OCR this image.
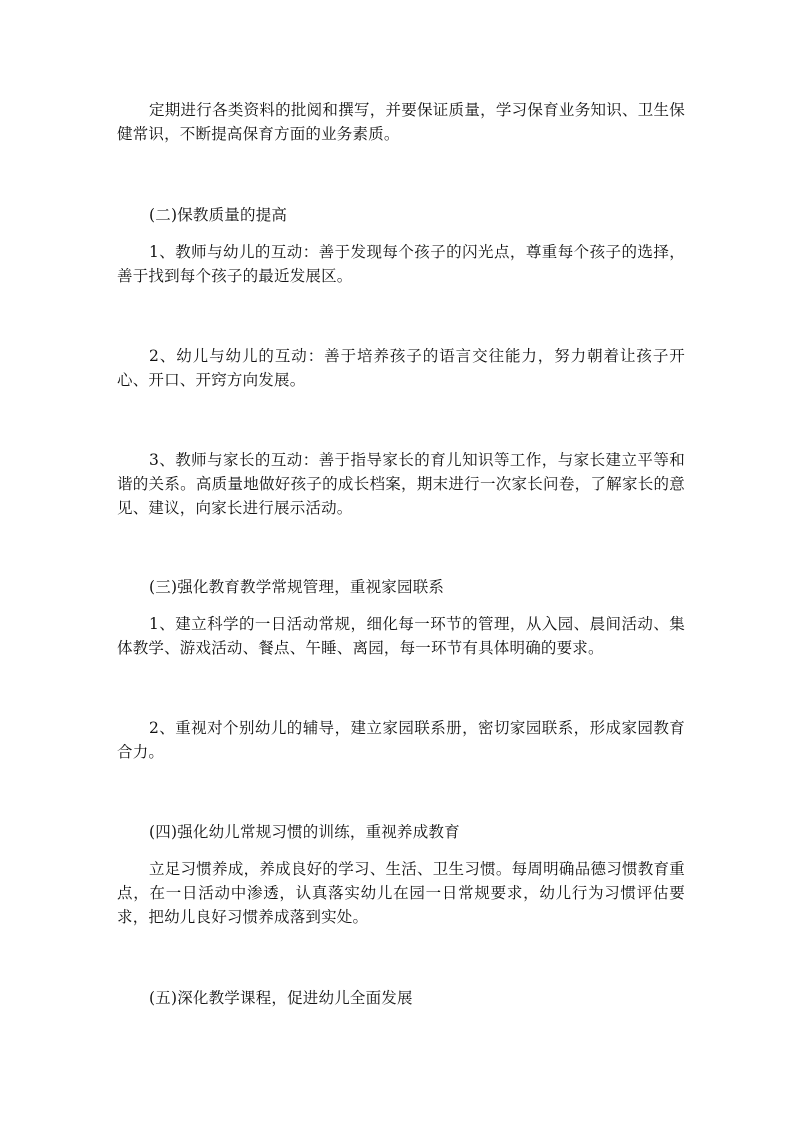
定期进行各类资料的批阅和撰写，并要保证质量，学习保育业务知识、卫生保健常识，不断提高保育方面的业务素质。

(二)保教质量的提高

1、教师与幼儿的互动：善于发现每个孩子的闪光点，尊重每个孩子的选择，善于找到每个孩子的最近发展区。

2、幼儿与幼儿的互动：善于培养孩子的语言交往能力，努力朝着让孩子开心、开口、开窍方向发展。

3、教师与家长的互动：善于指导家长的育儿知识等工作，与家长建立平等和谐的关系。高质量地做好孩子的成长档案，期末进行一次家长问卷，了解家长的意见、建议，向家长进行展示活动。

(三)强化教育教学常规管理，重视家园联系

1、建立科学的一日活动常规，细化每一环节的管理，从入园、晨间活动、集体教学、游戏活动、餐点、午睡、离园，每一环节有具体明确的要求。

2、重视对个别幼儿的辅导，建立家园联系册，密切家园联系，形成家园教育合力。

(四)强化幼儿常规习惯的训练，重视养成教育

立足习惯养成，养成良好的学习、生活、卫生习惯。每周明确品德习惯教育重点，在一日活动中渗透，认真落实幼儿在园一日常规要求，幼儿行为习惯评估要求，把幼儿良好习惯养成落到实处。

(五)深化教学课程，促进幼儿全面发展
